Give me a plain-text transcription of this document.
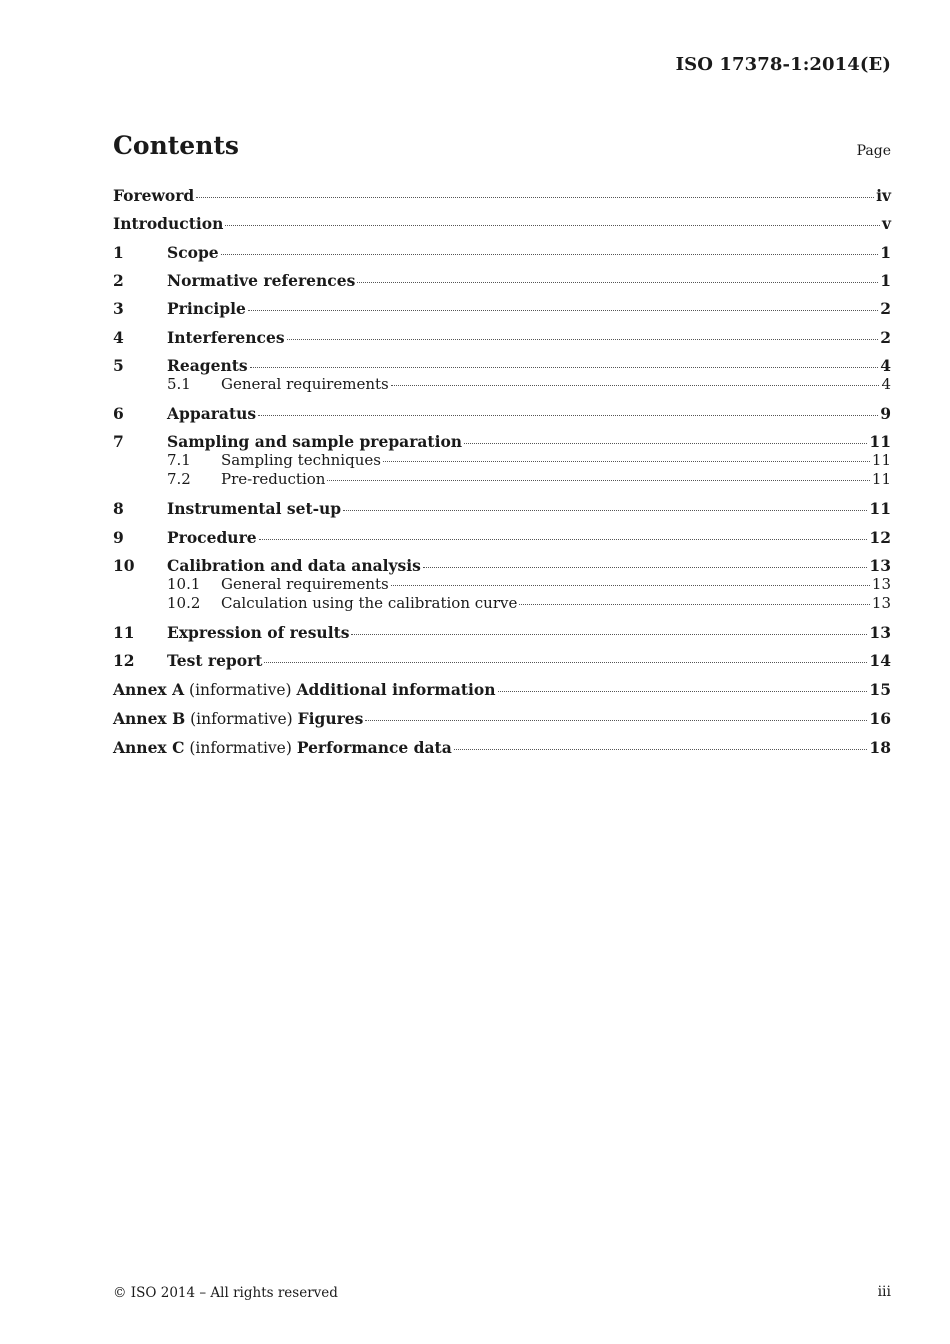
ISO 17378-1:2014(E)
Contents	Page
Foreword	iv
Introduction	v
1	Scope	1
2	Normative references	1
3	Principle	2
4	Interferences	2
5	Reagents	4
5.1	General requirements	4
6	Apparatus	9
7	Sampling and sample preparation	11
7.1	Sampling techniques	11
7.2	Pre-reduction	11
8	Instrumental set-up	11
9	Procedure	12
10	Calibration and data analysis	13
10.1	General requirements	13
10.2	Calculation using the calibration curve	13
11	Expression of results	13
12	Test report	14
Annex A (informative) Additional information	15
Annex B (informative) Figures	16
Annex C (informative) Performance data	18
© ISO 2014 – All rights reserved	iii
